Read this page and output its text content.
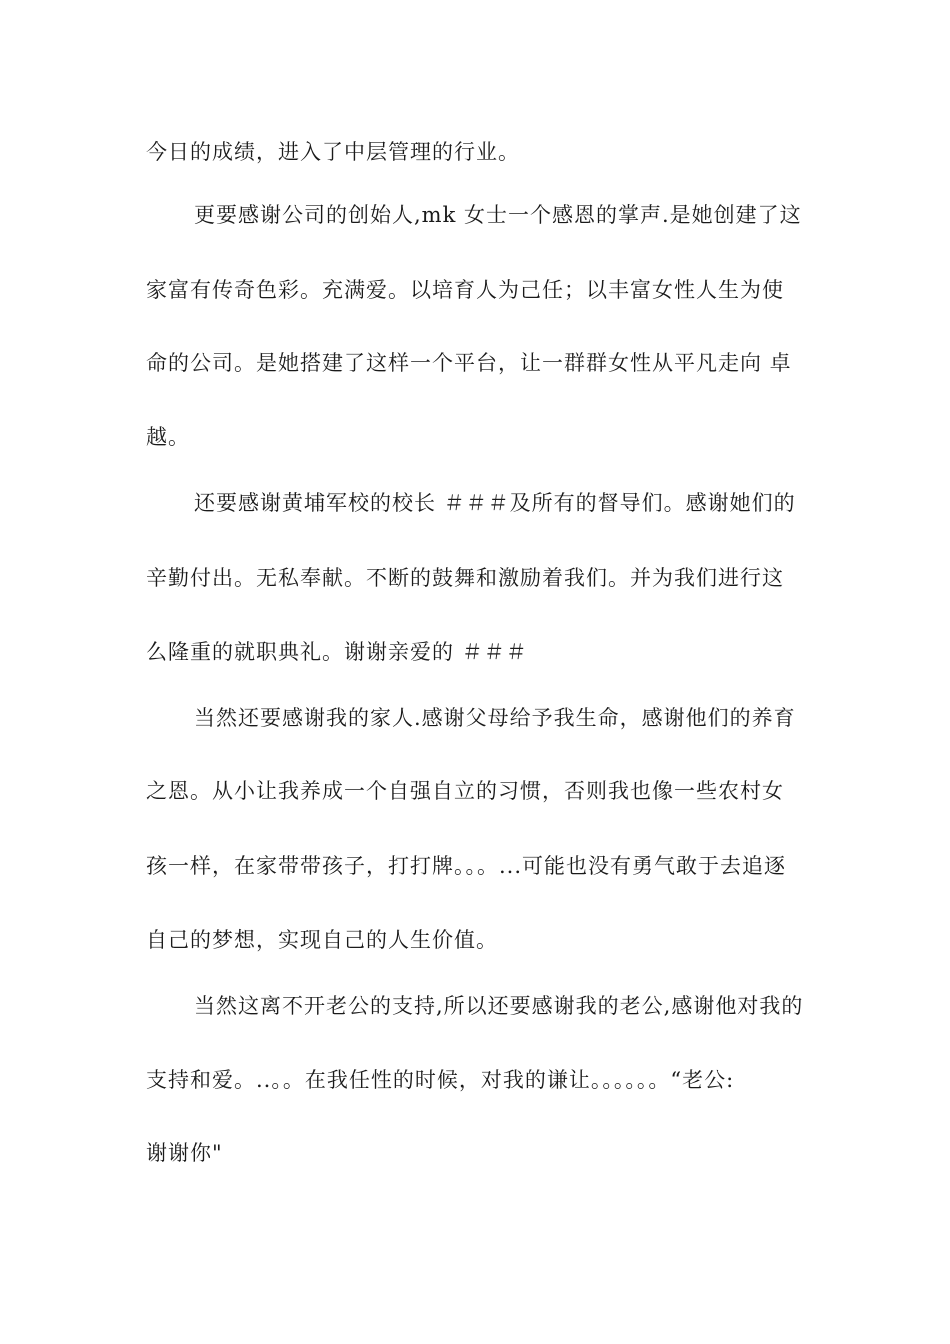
今日的成绩，进入了中层管理的行业。
更要感谢公司的创始人,mk 女士一个感恩的掌声.是她创建了这
家富有传奇色彩。充满爱。以培育人为己任；以丰富女性人生为使
命的公司。是她搭建了这样一个平台，让一群群女性从平凡走向 卓
越。
还要感谢黄埔军校的校长 ＃＃＃及所有的督导们。感谢她们的
辛勤付出。无私奉献。不断的鼓舞和激励着我们。并为我们进行这
么隆重的就职典礼。谢谢亲爱的 ＃＃＃
当然还要感谢我的家人.感谢父母给予我生命，感谢他们的养育
之恩。从小让我养成一个自强自立的习惯，否则我也像一些农村女
孩一样，在家带带孩子，打打牌。。。...可能也没有勇气敢于去追逐
自己的梦想，实现自己的人生价值。
当然这离不开老公的支持,所以还要感谢我的老公,感谢他对我的
支持和爱。..。。在我任性的时候，对我的谦让。。。。。。“老公:
谢谢你"
